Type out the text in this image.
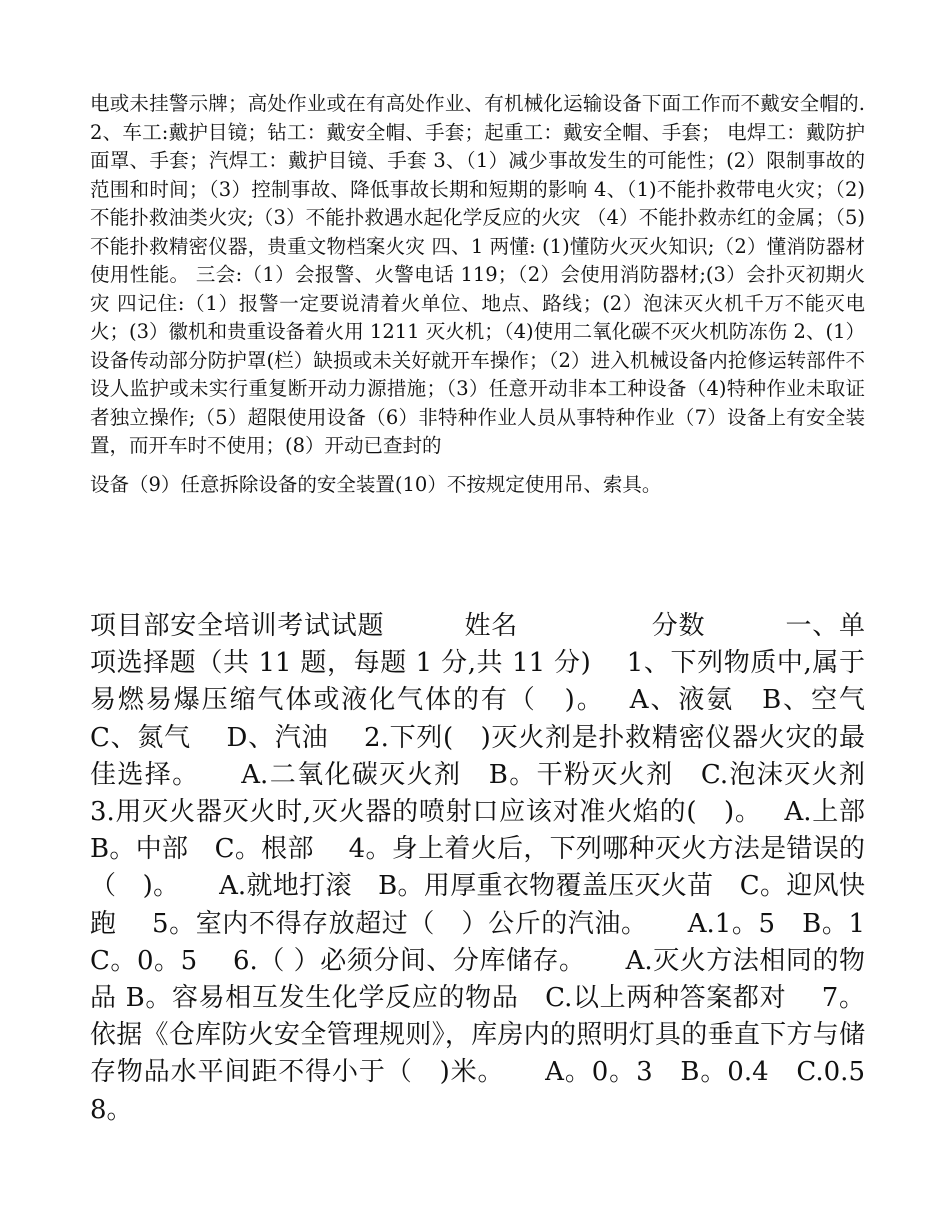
电或未挂警示牌；高处作业或在有高处作业、有机械化运输设备下面工作而不戴安全帽的. 2、车工:戴护目镜；钻工：戴安全帽、手套；起重工：戴安全帽、手套； 电焊工：戴防护面罩、手套；汽焊工：戴护目镜、手套 3、（1）减少事故发生的可能性；(2）限制事故的范围和时间；（3）控制事故、降低事故长期和短期的影响 4、（1)不能扑救带电火灾；（2)不能扑救油类火灾;（3）不能扑救遇水起化学反应的火灾 （4）不能扑救赤红的金属；（5)不能扑救精密仪器，贵重文物档案火灾 四、1 两懂: (1)懂防火灭火知识;（2）懂消防器材使用性能。 三会:（1）会报警、火警电话 119；（2）会使用消防器材;(3）会扑灭初期火灾 四记住:（1）报警一定要说清着火单位、地点、路线；(2）泡沫灭火机千万不能灭电火；(3）徽机和贵重设备着火用 1211 灭火机；（4)使用二氧化碳不灭火机防冻伤 2、(1）设备传动部分防护罩(栏）缺损或未关好就开车操作；（2）进入机械设备内抢修运转部件不设人监护或未实行重复断开动力源措施；（3）任意开动非本工种设备（4)特种作业未取证者独立操作;（5）超限使用设备（6）非特种作业人员从事特种作业（7）设备上有安全装置，而开车时不使用；(8）开动已查封的
设备（9）任意拆除设备的安全装置(10）不按规定使用吊、索具。
项目部安全培训考试试题　　　姓名　　　　　分数　　　一、单项选择题（共 11 题，每题 1 分,共 11 分)　 1、下列物质中,属于易燃易爆压缩气体或液化气体的有（　)。　 A、液氨　B、空气　 C、氮气　 D、汽油　 2.下列(　)灭火剂是扑救精密仪器火灾的最佳选择。　　A.二氧化碳灭火剂　B。干粉灭火剂　C.泡沫灭火剂　 3.用灭火器灭火时,灭火器的喷射口应该对准火焰的(　)。　 A.上部　B。中部　C。根部　 4。身上着火后，下列哪种灭火方法是错误的（　)。　　A.就地打滚　B。用厚重衣物覆盖压灭火苗　C。迎风快跑　 5。室内不得存放超过（　）公斤的汽油。　　A.1。5　B。1　C。0。5　 6.（ ）必须分间、分库储存。　　A.灭火方法相同的物品 B。容易相互发生化学反应的物品　C.以上两种答案都对　 7。依据《仓库防火安全管理规则》，库房内的照明灯具的垂直下方与储存物品水平间距不得小于（　)米。　　A。0。3　B。0.4　C.0.5　 8。
